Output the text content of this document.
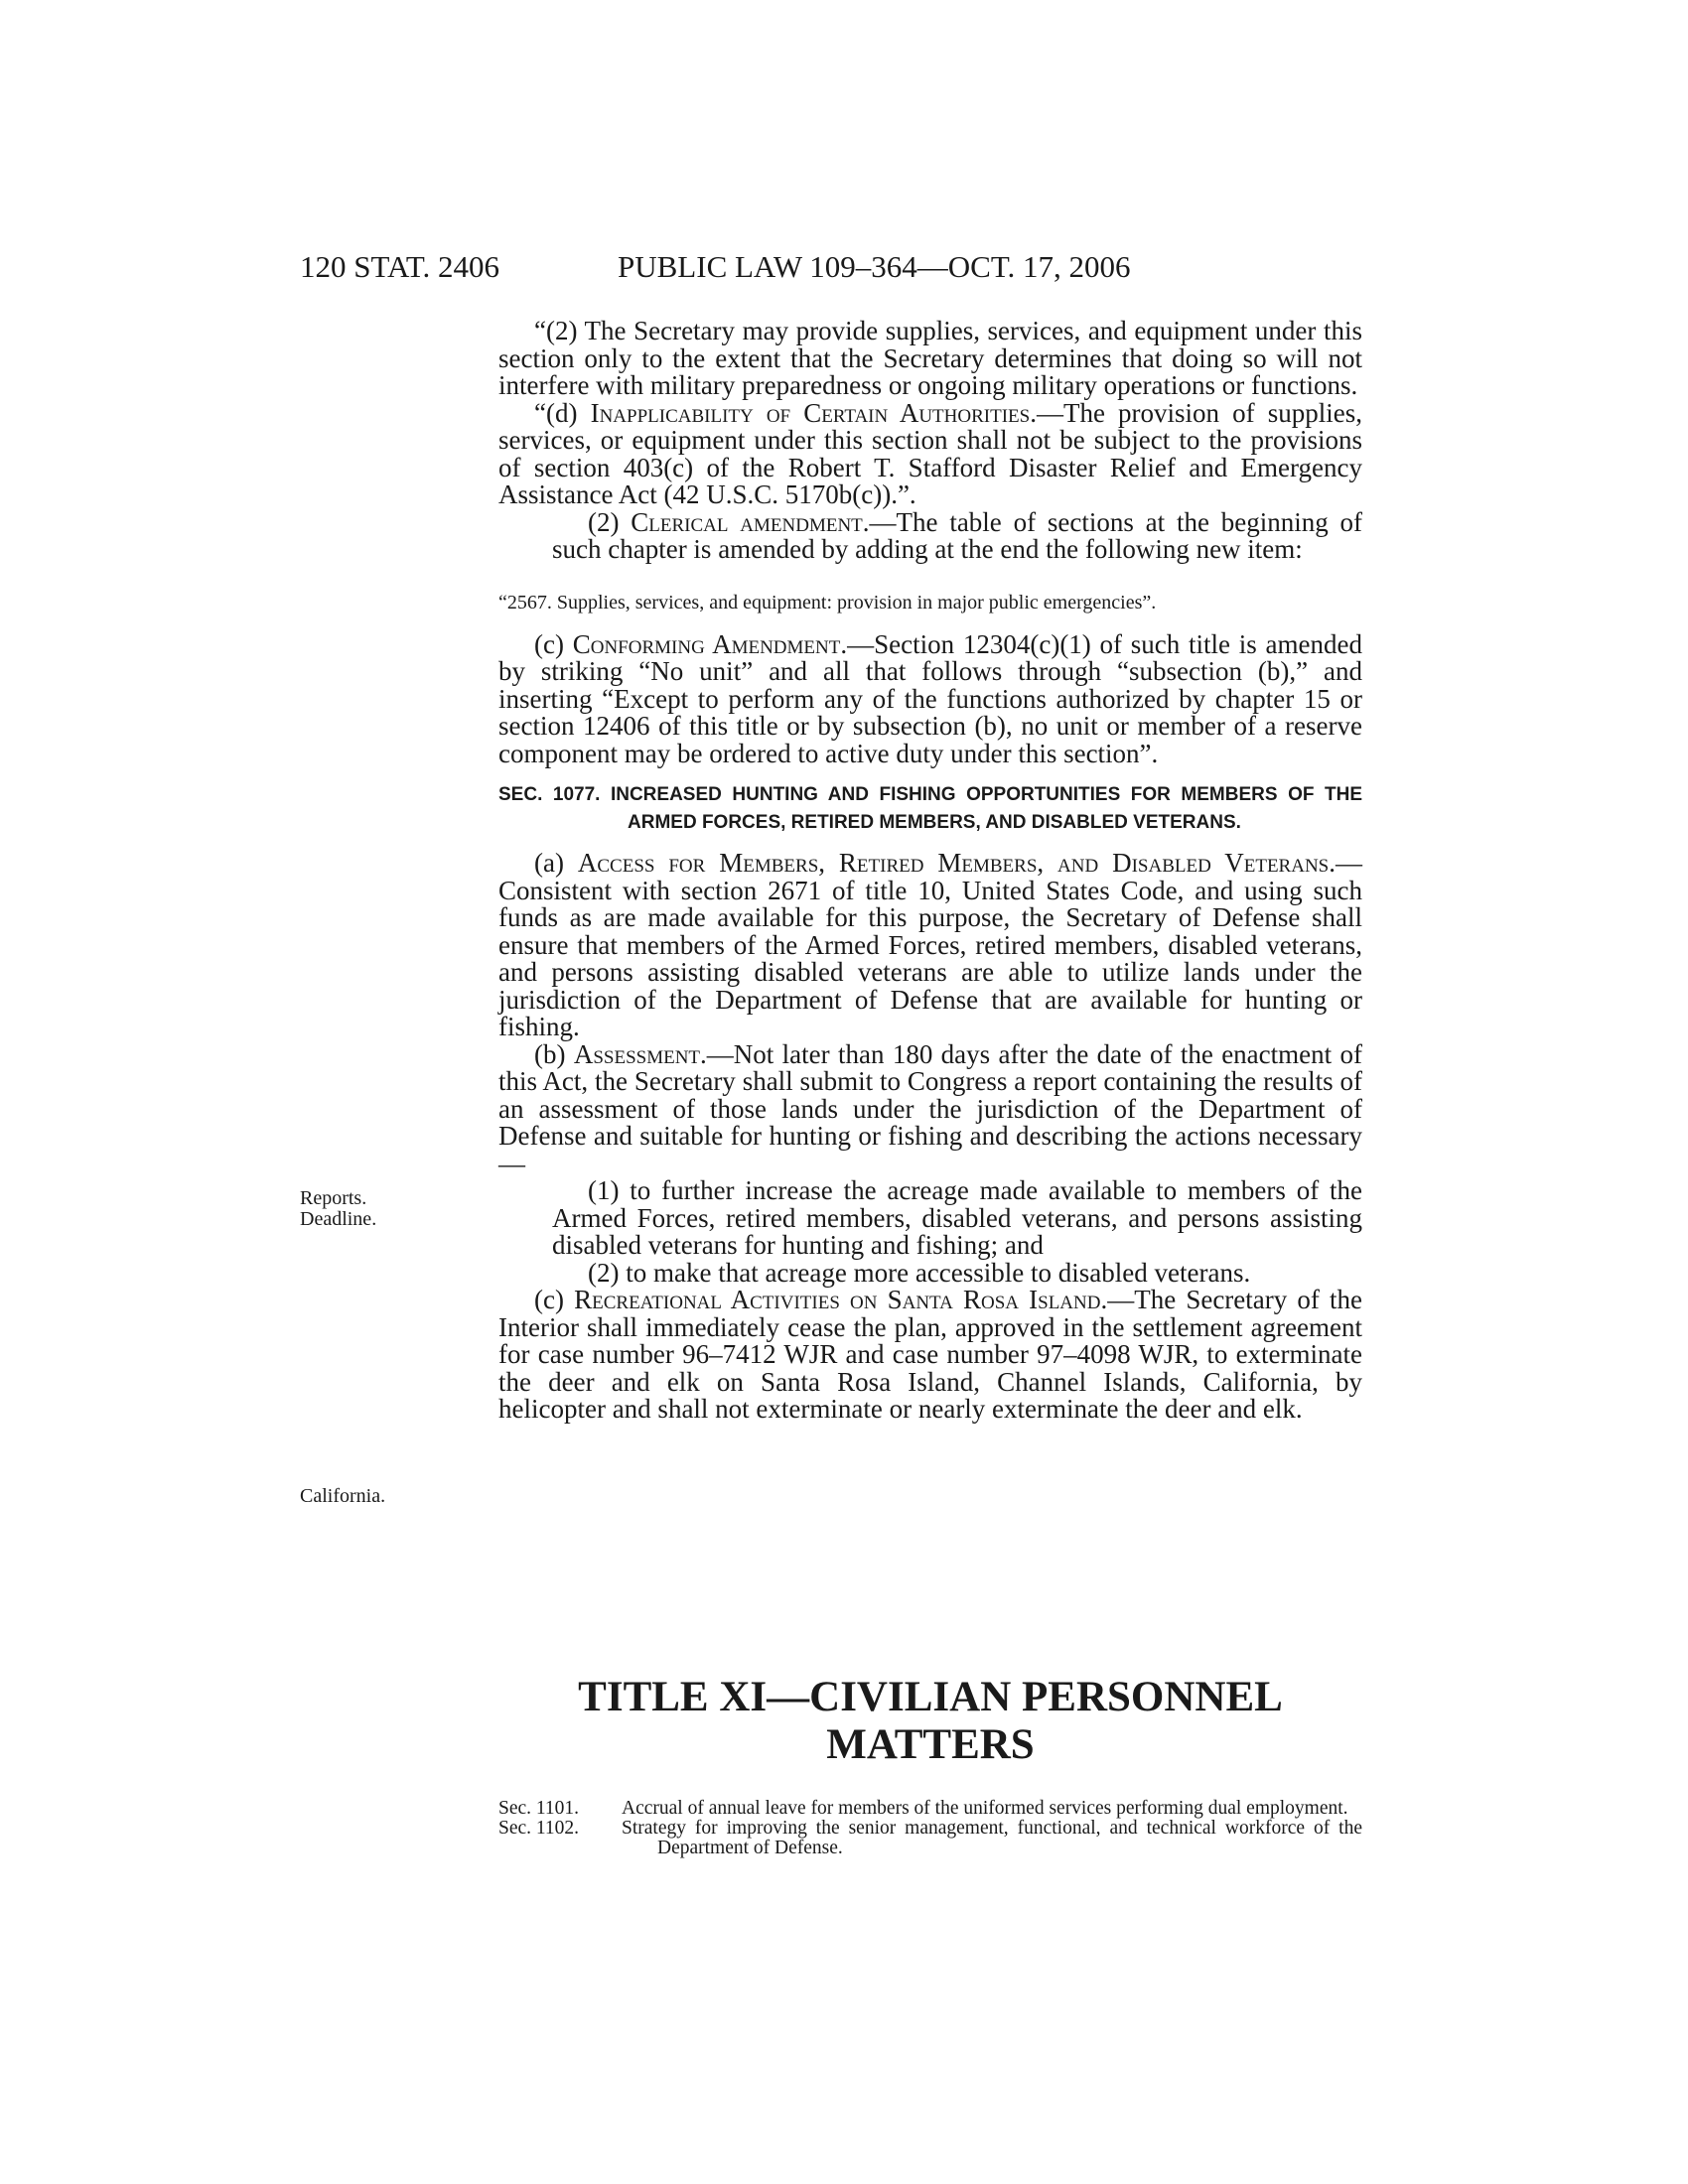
120 STAT. 2406	PUBLIC LAW 109–364—OCT. 17, 2006
Reports.
Deadline.
California.

“(2) The Secretary may provide supplies, services, and equipment under this section only to the extent that the Secretary determines that doing so will not interfere with military preparedness or ongoing military operations or functions.

“(d) Inapplicability of Certain Authorities.—The provision of supplies, services, or equipment under this section shall not be subject to the provisions of section 403(c) of the Robert T. Stafford Disaster Relief and Emergency Assistance Act (42 U.S.C. 5170b(c)).”.

(2) Clerical amendment.—The table of sections at the beginning of such chapter is amended by adding at the end the following new item:

“2567. Supplies, services, and equipment: provision in major public emergencies”.

(c) Conforming Amendment.—Section 12304(c)(1) of such title is amended by striking “No unit” and all that follows through “subsection (b),” and inserting “Except to perform any of the functions authorized by chapter 15 or section 12406 of this title or by subsection (b), no unit or member of a reserve component may be ordered to active duty under this section”.

SEC. 1077. INCREASED HUNTING AND FISHING OPPORTUNITIES FOR MEMBERS OF THE ARMED FORCES, RETIRED MEMBERS, AND DISABLED VETERANS.

(a) Access for Members, Retired Members, and Disabled Veterans.—Consistent with section 2671 of title 10, United States Code, and using such funds as are made available for this purpose, the Secretary of Defense shall ensure that members of the Armed Forces, retired members, disabled veterans, and persons assisting disabled veterans are able to utilize lands under the jurisdiction of the Department of Defense that are available for hunting or fishing.

(b) Assessment.—Not later than 180 days after the date of the enactment of this Act, the Secretary shall submit to Congress a report containing the results of an assessment of those lands under the jurisdiction of the Department of Defense and suitable for hunting or fishing and describing the actions necessary—

(1) to further increase the acreage made available to members of the Armed Forces, retired members, disabled veterans, and persons assisting disabled veterans for hunting and fishing; and

(2) to make that acreage more accessible to disabled veterans.

(c) Recreational Activities on Santa Rosa Island.—The Secretary of the Interior shall immediately cease the plan, approved in the settlement agreement for case number 96–7412 WJR and case number 97–4098 WJR, to exterminate the deer and elk on Santa Rosa Island, Channel Islands, California, by helicopter and shall not exterminate or nearly exterminate the deer and elk.

TITLE XI—CIVILIAN PERSONNEL
MATTERS
Sec. 1101.	Accrual of annual leave for members of the uniformed services performing dual employment.
Sec. 1102.	Strategy for improving the senior management, functional, and technical workforce of the Department of Defense.
